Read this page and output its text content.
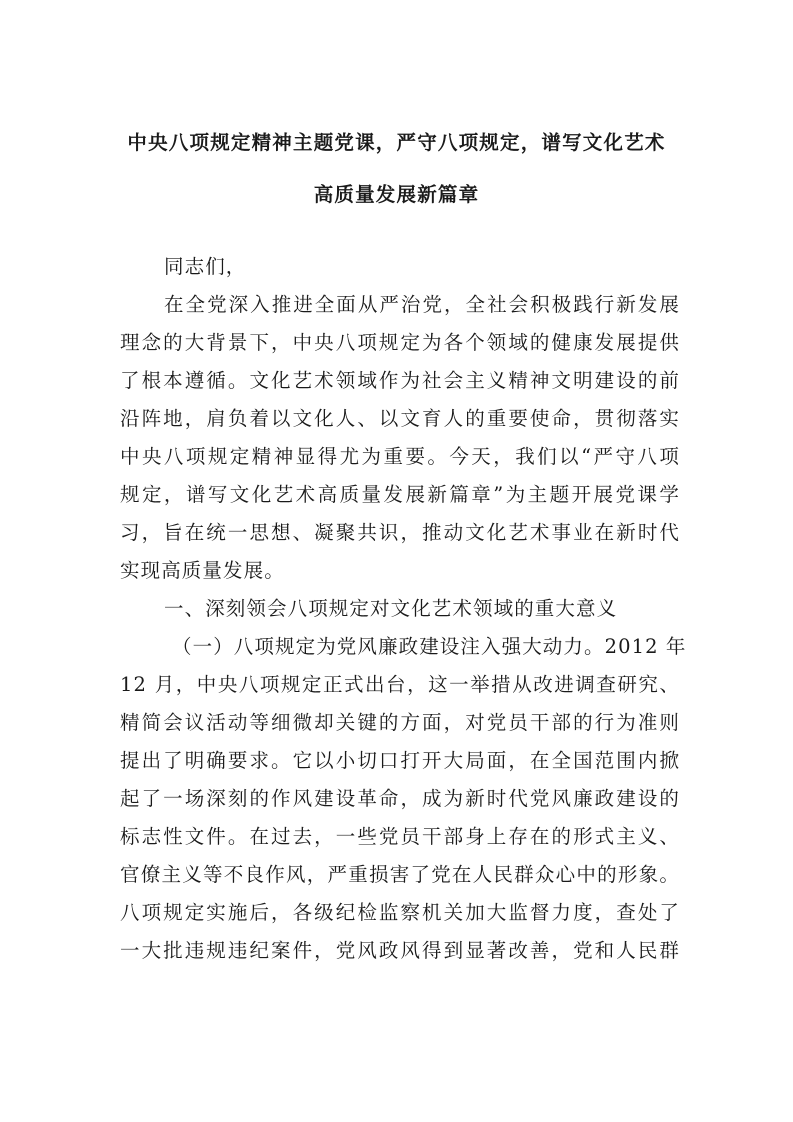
中央八项规定精神主题党课，严守八项规定，谱写文化艺术
高质量发展新篇章
同志们，
在全党深入推进全面从严治党，全社会积极践行新发展
理念的大背景下，中央八项规定为各个领域的健康发展提供
了根本遵循。文化艺术领域作为社会主义精神文明建设的前
沿阵地，肩负着以文化人、以文育人的重要使命，贯彻落实
中央八项规定精神显得尤为重要。今天，我们以“严守八项
规定，谱写文化艺术高质量发展新篇章”为主题开展党课学
习，旨在统一思想、凝聚共识，推动文化艺术事业在新时代
实现高质量发展。
一、深刻领会八项规定对文化艺术领域的重大意义
（一）八项规定为党风廉政建设注入强大动力。2012 年
12 月，中央八项规定正式出台，这一举措从改进调查研究、
精简会议活动等细微却关键的方面，对党员干部的行为准则
提出了明确要求。它以小切口打开大局面，在全国范围内掀
起了一场深刻的作风建设革命，成为新时代党风廉政建设的
标志性文件。在过去，一些党员干部身上存在的形式主义、
官僚主义等不良作风，严重损害了党在人民群众心中的形象。
八项规定实施后，各级纪检监察机关加大监督力度，查处了
一大批违规违纪案件，党风政风得到显著改善，党和人民群
